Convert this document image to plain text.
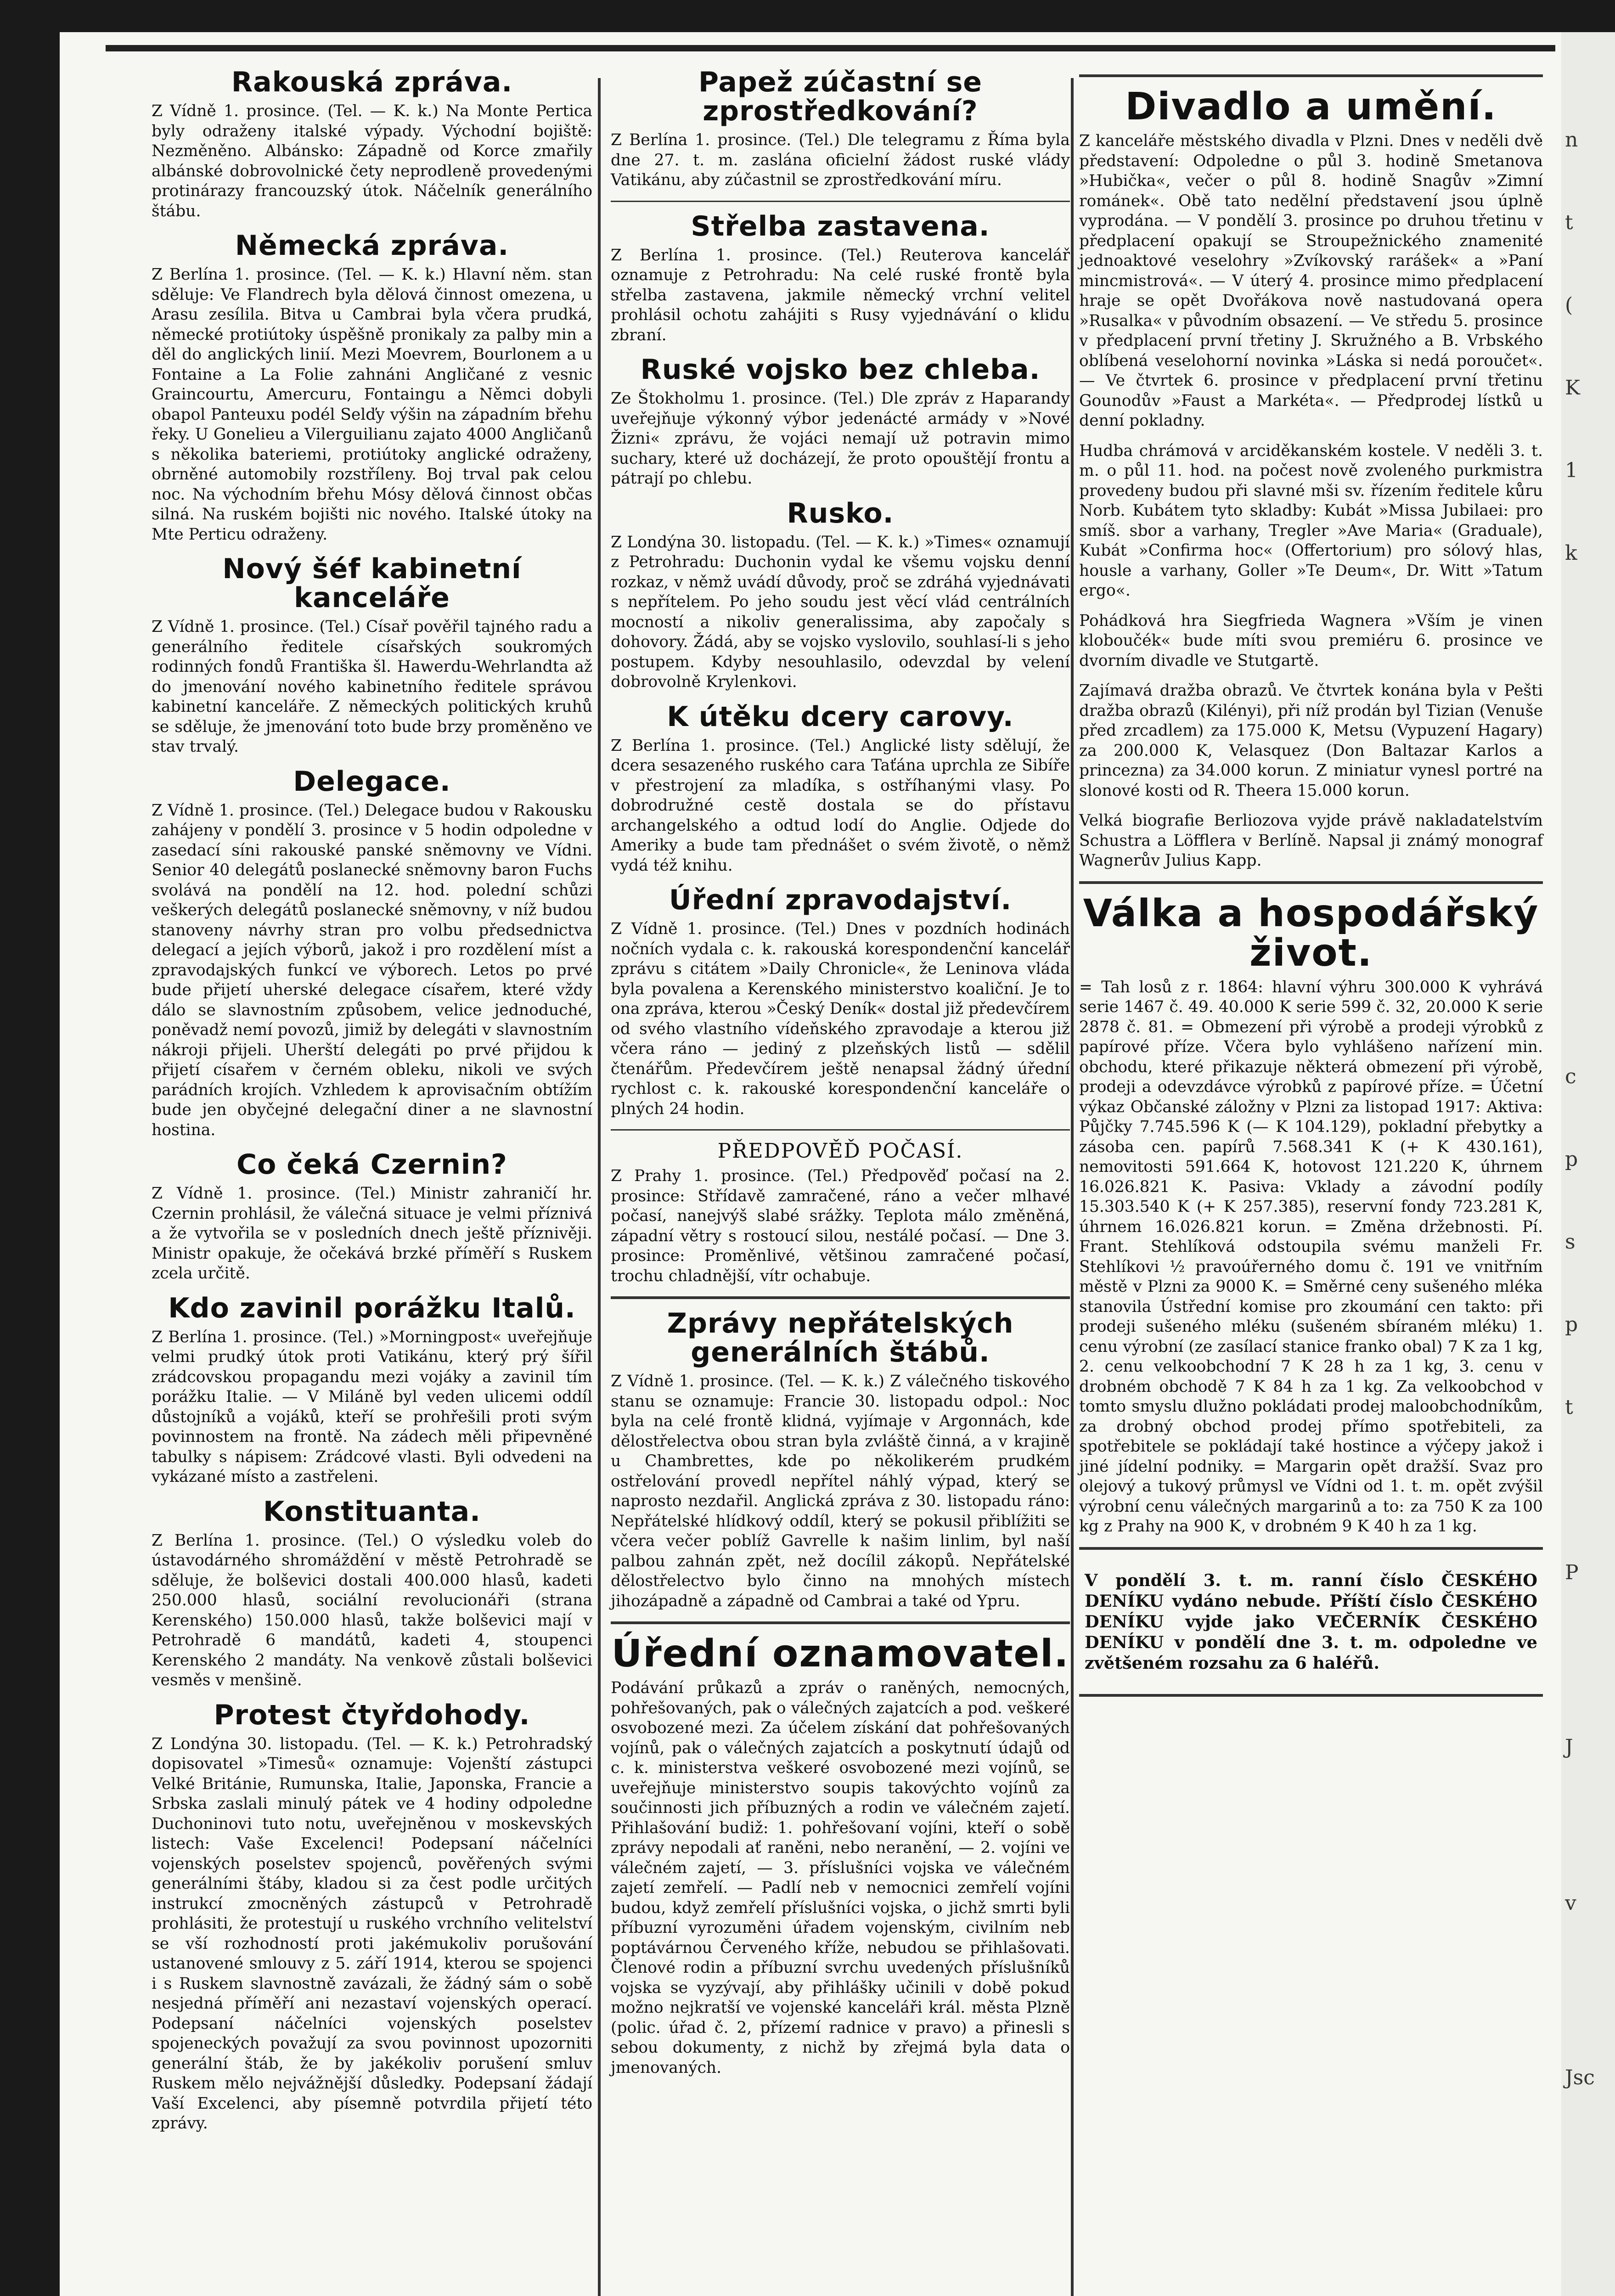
n
t
(
K
1
k
c
p
s
p
t
P
J
v
Jsc
Rakouská zpráva.

Z Vídně 1. prosince. (Tel. — K. k.) Na Monte Pertica byly odraženy italské výpady. Východní bojiště: Nezměněno. Albánsko: Západně od Korce zmařily albánské dobrovolnické čety neprodleně provedenými protinárazy francouzský útok. Náčelník generálního štábu.

Německá zpráva.

Z Berlína 1. prosince. (Tel. — K. k.) Hlavní něm. stan sděluje: Ve Flandrech byla dělová činnost omezena, u Arasu zesílila. Bitva u Cambrai byla včera prudká, německé protiútoky úspěšně pronikaly za palby min a děl do anglických linií. Mezi Moevrem, Bourlonem a u Fontaine a La Folie zahnáni Angličané z vesnic Graincourtu, Amercuru, Fontaingu a Němci dobyli obapol Panteuxu podél Selďy výšin na západním břehu řeky. U Gonelieu a Vilerguilianu zajato 4000 Angličanů s několika bateriemi, protiútoky anglické odraženy, obrněné automobily rozstříleny. Boj trval pak celou noc. Na východním břehu Mósy dělová činnost občas silná. Na ruském bojišti nic nového. Italské útoky na Mte Perticu odraženy.

Nový šéf kabinetní kanceláře

Z Vídně 1. prosince. (Tel.) Císař pověřil tajného radu a generálního ředitele císařských soukromých rodinných fondů Františka šl. Hawerdu-Wehrlandta až do jmenování nového kabinetního ředitele správou kabinetní kanceláře. Z německých politických kruhů se sděluje, že jmenování toto bude brzy proměněno ve stav trvalý.

Delegace.

Z Vídně 1. prosince. (Tel.) Delegace budou v Rakousku zahájeny v pondělí 3. prosince v 5 hodin odpoledne v zasedací síni rakouské panské sněmovny ve Vídni. Senior 40 delegátů poslanecké sněmovny baron Fuchs svolává na pondělí na 12. hod. polední schůzi veškerých delegátů poslanecké sněmovny, v níž budou stanoveny návrhy stran pro volbu předsednictva delegací a jejích výborů, jakož i pro rozdělení míst a zpravodajských funkcí ve výborech. Letos po prvé bude přijetí uherské delegace císařem, které vždy dálo se slavnostním způsobem, velice jednoduché, poněvadž nemí povozů, jimiž by delegáti v slavnostním nákroji přijeli. Uherští delegáti po prvé přijdou k přijetí císařem v černém obleku, nikoli ve svých parádních krojích. Vzhledem k aprovisačním obtížím bude jen obyčejné delegační diner a ne slavnostní hostina.

Co čeká Czernin?

Z Vídně 1. prosince. (Tel.) Ministr zahraničí hr. Czernin prohlásil, že válečná situace je velmi příznivá a že vytvořila se v posledních dnech ještě příznivěji. Ministr opakuje, že očekává brzké příměří s Ruskem zcela určitě.

Kdo zavinil porážku Italů.

Z Berlína 1. prosince. (Tel.) »Morningpost« uveřejňuje velmi prudký útok proti Vatikánu, který prý šířil zrádcovskou propagandu mezi vojáky a zavinil tím porážku Italie. — V Miláně byl veden ulicemi oddíl důstojníků a vojáků, kteří se prohřešili proti svým povinnostem na frontě. Na zádech měli připevněné tabulky s nápisem: Zrádcové vlasti. Byli odvedeni na vykázané místo a zastřeleni.

Konstituanta.

Z Berlína 1. prosince. (Tel.) O výsledku voleb do ústavodárného shromáždění v městě Petrohradě se sděluje, že bolševici dostali 400.000 hlasů, kadeti 250.000 hlasů, sociální revolucionáři (strana Kerenského) 150.000 hlasů, takže bolševici mají v Petrohradě 6 mandátů, kadeti 4, stoupenci Kerenského 2 mandáty. Na venkově zůstali bolševici vesměs v menšině.

Protest čtyřdohody.

Z Londýna 30. listopadu. (Tel. — K. k.) Petrohradský dopisovatel »Timesů« oznamuje: Vojenští zástupci Velké Británie, Rumunska, Italie, Japonska, Francie a Srbska zaslali minulý pátek ve 4 hodiny odpoledne Duchoninovi tuto notu, uveřejněnou v moskevských listech: Vaše Excelenci! Podepsaní náčelníci vojenských poselstev spojenců, pověřených svými generálními štáby, kladou si za čest podle určitých instrukcí zmocněných zástupců v Petrohradě prohlásiti, že protestují u ruského vrchního velitelství se vší rozhodností proti jakémukoliv porušování ustanovené smlouvy z 5. září 1914, kterou se spojenci i s Ruskem slavnostně zavázali, že žádný sám o sobě nesjedná příměří ani nezastaví vojenských operací. Podepsaní náčelníci vojenských poselstev spojeneckých považují za svou povinnost upozorniti generální štáb, že by jakékoliv porušení smluv Ruskem mělo nejvážnější důsledky. Podepsaní žádají Vaší Excelenci, aby písemně potvrdila přijetí této zprávy.

Papež zúčastní se zprostředkování?

Z Berlína 1. prosince. (Tel.) Dle telegramu z Říma byla dne 27. t. m. zaslána oficielní žádost ruské vlády Vatikánu, aby zúčastnil se zprostředkování míru.

Střelba zastavena.

Z Berlína 1. prosince. (Tel.) Reuterova kancelář oznamuje z Petrohradu: Na celé ruské frontě byla střelba zastavena, jakmile německý vrchní velitel prohlásil ochotu zahájiti s Rusy vyjednávání o klidu zbraní.

Ruské vojsko bez chleba.

Ze Štokholmu 1. prosince. (Tel.) Dle zpráv z Haparandy uveřejňuje výkonný výbor jedenácté armády v »Nové Žizni« zprávu, že vojáci nemají už potravin mimo suchary, které už docházejí, že proto opouštějí frontu a pátrají po chlebu.

Rusko.

Z Londýna 30. listopadu. (Tel. — K. k.) »Times« oznamují z Petrohradu: Duchonin vydal ke všemu vojsku denní rozkaz, v němž uvádí důvody, proč se zdráhá vyjednávati s nepřítelem. Po jeho soudu jest věcí vlád centrálních mocností a nikoliv generalissima, aby započaly s dohovory. Žádá, aby se vojsko vyslovilo, souhlasí-li s jeho postupem. Kdyby nesouhlasilo, odevzdal by velení dobrovolně Krylenkovi.

K útěku dcery carovy.

Z Berlína 1. prosince. (Tel.) Anglické listy sdělují, že dcera sesazeného ruského cara Taťána uprchla ze Sibíře v přestrojení za mladíka, s ostříhanými vlasy. Po dobrodružné cestě dostala se do přístavu archangelského a odtud lodí do Anglie. Odjede do Ameriky a bude tam přednášet o svém životě, o němž vydá též knihu.

Úřední zpravodajství.

Z Vídně 1. prosince. (Tel.) Dnes v pozdních hodinách nočních vydala c. k. rakouská korespondenční kancelář zprávu s citátem »Daily Chronicle«, že Leninova vláda byla povalena a Kerenského ministerstvo koaliční. Je to ona zpráva, kterou »Český Deník« dostal již předevčírem od svého vlastního vídeňského zpravodaje a kterou již včera ráno — jediný z plzeňských listů — sdělil čtenářům. Předevčírem ještě nenapsal žádný úřední rychlost c. k. rakouské korespondenční kanceláře o plných 24 hodin.

PŘEDPOVĚĎ POČASÍ.

Z Prahy 1. prosince. (Tel.) Předpověď počasí na 2. prosince: Střídavě zamračené, ráno a večer mlhavé počasí, nanejvýš slabé srážky. Teplota málo změněná, západní větry s rostoucí silou, nestálé počasí. — Dne 3. prosince: Proměnlivé, většinou zamračené počasí, trochu chladnější, vítr ochabuje.

Zprávy nepřátelských generálních štábů.

Z Vídně 1. prosince. (Tel. — K. k.) Z válečného tiskového stanu se oznamuje: Francie 30. listopadu odpol.: Noc byla na celé frontě klidná, vyjímaje v Argonnách, kde dělostřelectva obou stran byla zvláště činná, a v krajině u Chambrettes, kde po několikerém prudkém ostřelování provedl nepřítel náhlý výpad, který se naprosto nezdařil. Anglická zpráva z 30. listopadu ráno: Nepřátelské hlídkový oddíl, který se pokusil přiblížiti se včera večer poblíž Gavrelle k našim linlim, byl naší palbou zahnán zpět, než docílil zákopů. Nepřátelské dělostřelectvo bylo činno na mnohých místech jihozápadně a západně od Cambrai a také od Ypru.

Úřední oznamovatel.

Podávání průkazů a zpráv o raněných, nemocných, pohřešovaných, pak o válečných zajatcích a pod. veškeré osvobozené mezi. Za účelem získání dat pohřešovaných vojínů, pak o válečných zajatcích a poskytnutí údajů od c. k. ministerstva veškeré osvobozené mezi vojínů, se uveřejňuje ministerstvo soupis takovýchto vojínů za součinnosti jich příbuzných a rodin ve válečném zajetí. Přihlašování budiž: 1. pohřešovaní vojíni, kteří o sobě zprávy nepodali ať raněni, nebo neranění, — 2. vojíni ve válečném zajetí, — 3. příslušníci vojska ve válečném zajetí zemřelí. — Padlí neb v nemocnici zemřelí vojíni budou, když zemřelí příslušníci vojska, o jichž smrti byli příbuzní vyrozuměni úřadem vojenským, civilním neb poptávárnou Červeného kříže, nebudou se přihlašovati. Členové rodin a příbuzní svrchu uvedených příslušníků vojska se vyzývají, aby přihlášky učinili v době pokud možno nejkratší ve vojenské kanceláři král. města Plzně (polic. úřad č. 2, přízemí radnice v pravo) a přinesli s sebou dokumenty, z nichž by zřejmá byla data o jmenovaných.

Divadlo a umění.

Z kanceláře městského divadla v Plzni. Dnes v neděli dvě představení: Odpoledne o půl 3. hodině Smetanova »Hubička«, večer o půl 8. hodině Snagův »Zimní románek«. Obě tato nedělní představení jsou úplně vyprodána. — V pondělí 3. prosince po druhou třetinu v předplacení opakují se Stroupežnického znamenité jednoaktové veselohry »Zvíkovský rarášek« a »Paní mincmistrová«. — V úterý 4. prosince mimo předplacení hraje se opět Dvořákova nově nastudovaná opera »Rusalka« v původním obsazení. — Ve středu 5. prosince v předplacení první třetiny J. Skružného a B. Vrbského oblíbená veselohorní novinka »Láska si nedá poroučet«. — Ve čtvrtek 6. prosince v předplacení první třetinu Gounodův »Faust a Markéta«. — Předprodej lístků u denní pokladny.

Hudba chrámová v arciděkanském kostele. V neděli 3. t. m. o půl 11. hod. na počest nově zvoleného purkmistra provedeny budou při slavné mši sv. řízením ředitele kůru Norb. Kubátem tyto skladby: Kubát »Missa Jubilaei: pro smíš. sbor a varhany, Tregler »Ave Maria« (Graduale), Kubát »Confirma hoc« (Offertorium) pro sólový hlas, housle a varhany, Goller »Te Deum«, Dr. Witt »Tatum ergo«.

Pohádková hra Siegfrieda Wagnera »Vším je vinen kloboučék« bude míti svou premiéru 6. prosince ve dvorním divadle ve Stutgartě.

Zajímavá dražba obrazů. Ve čtvrtek konána byla v Pešti dražba obrazů (Kilényi), při níž prodán byl Tizian (Venuše před zrcadlem) za 175.000 K, Metsu (Vypuzení Hagary) za 200.000 K, Velasquez (Don Baltazar Karlos a princezna) za 34.000 korun. Z miniatur vynesl portré na slonové kosti od R. Theera 15.000 korun.

Velká biografie Berliozova vyjde právě nakladatelstvím Schustra a Löfflera v Berlíně. Napsal ji známý monograf Wagnerův Julius Kapp.

Válka a hospodářský život.

= Tah losů z r. 1864: hlavní výhru 300.000 K vyhrává serie 1467 č. 49. 40.000 K serie 599 č. 32, 20.000 K serie 2878 č. 81. = Obmezení při výrobě a prodeji výrobků z papírové příze. Včera bylo vyhlášeno nařízení min. obchodu, které přikazuje některá obmezení při výrobě, prodeji a odevzdávce výrobků z papírové příze. = Účetní výkaz Občanské záložny v Plzni za listopad 1917: Aktiva: Půjčky 7.745.596 K (— K 104.129), pokladní přebytky a zásoba cen. papírů 7.568.341 K (+ K 430.161), nemovitosti 591.664 K, hotovost 121.220 K, úhrnem 16.026.821 K. Pasiva: Vklady a závodní podíly 15.303.540 K (+ K 257.385), reservní fondy 723.281 K, úhrnem 16.026.821 korun. = Změna držebnosti. Pí. Frant. Stehlíková odstoupila svému manželi Fr. Stehlíkovi ½ pravoúřerného domu č. 191 ve vnitřním městě v Plzni za 9000 K. = Směrné ceny sušeného mléka stanovila Ústřední komise pro zkoumání cen takto: při prodeji sušeného mléku (sušeném sbíraném mléku) 1. cenu výrobní (ze zasílací stanice franko obal) 7 K za 1 kg, 2. cenu velkoobchodní 7 K 28 h za 1 kg, 3. cenu v drobném obchodě 7 K 84 h za 1 kg. Za velkoobchod v tomto smyslu dlužno pokládati prodej maloobchodníkům, za drobný obchod prodej přímo spotřebiteli, za spotřebitele se pokládají také hostince a výčepy jakož i jiné jídelní podniky. = Margarin opět dražší. Svaz pro olejový a tukový průmysl ve Vídni od 1. t. m. opět zvýšil výrobní cenu válečných margarinů a to: za 750 K za 100 kg z Prahy na 900 K, v drobném 9 K 40 h za 1 kg.

V pondělí 3. t. m. ranní číslo ČESKÉHO DENÍKU vydáno nebude. Příští číslo ČESKÉHO DENÍKU vyjde jako VEČERNÍK ČESKÉHO DENÍKU v pondělí dne 3. t. m. odpoledne ve zvětšeném rozsahu za 6 haléřů.
